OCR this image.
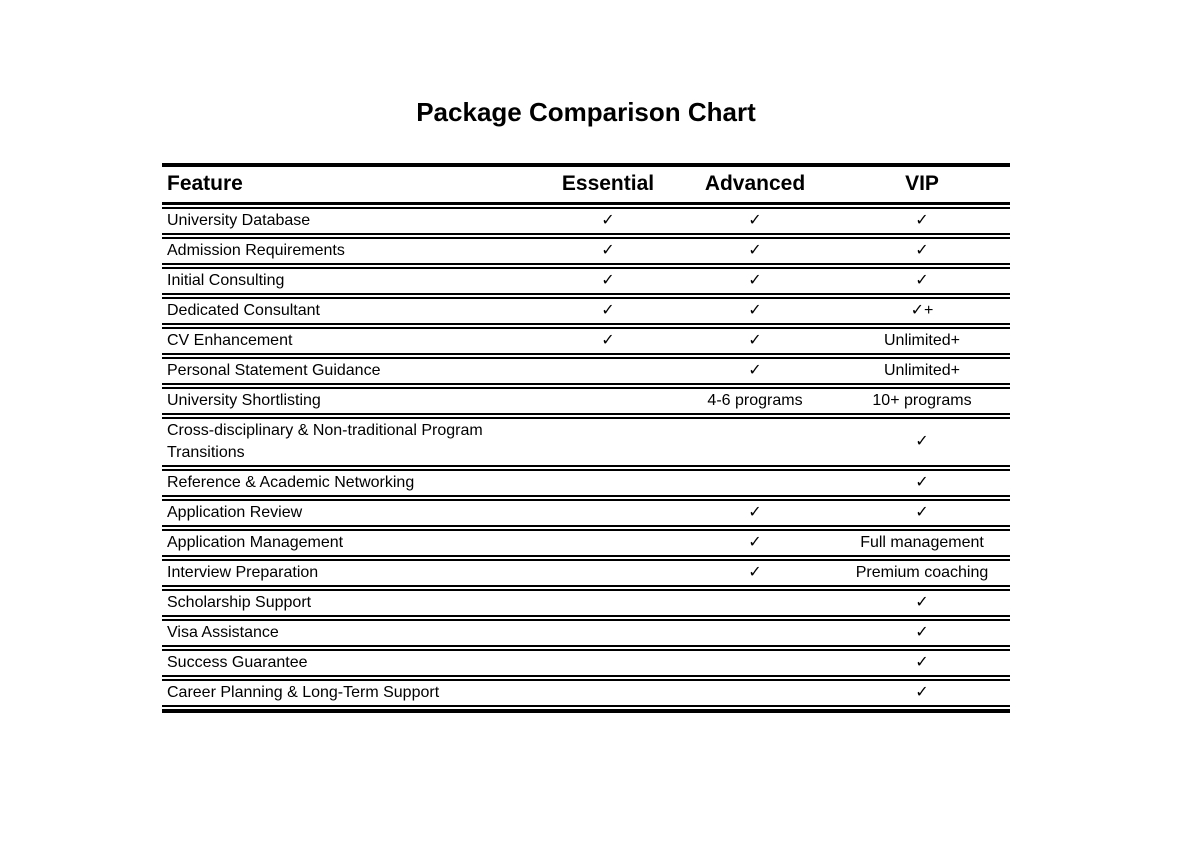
Package Comparison Chart
Feature	Essential	Advanced	VIP
University Database	✓	✓	✓
Admission Requirements	✓	✓	✓
Initial Consulting	✓	✓	✓
Dedicated Consultant	✓	✓	✓+
CV Enhancement	✓	✓	Unlimited+
Personal Statement Guidance		✓	Unlimited+
University Shortlisting		4-6 programs	10+ programs
Cross-disciplinary & Non-traditional Program Transitions			✓
Reference & Academic Networking			✓
Application Review		✓	✓
Application Management		✓	Full management
Interview Preparation		✓	Premium coaching
Scholarship Support			✓
Visa Assistance			✓
Success Guarantee			✓
Career Planning & Long-Term Support			✓
